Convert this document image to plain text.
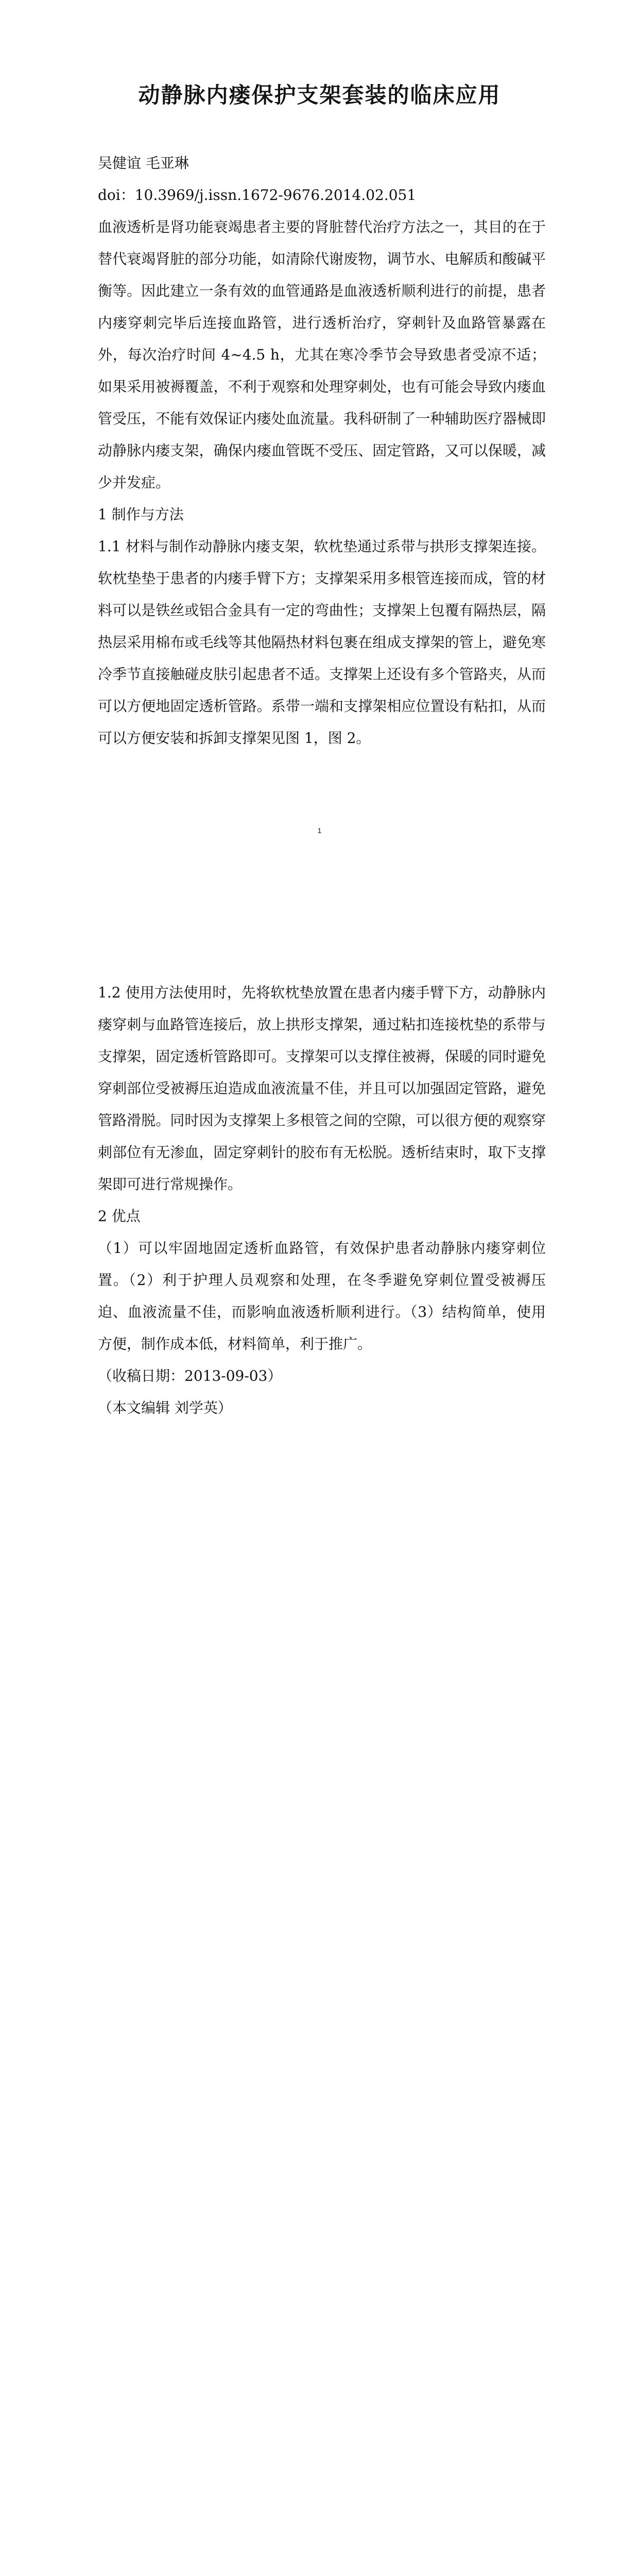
动静脉内瘘保护支架套装的临床应用

吴健谊 毛亚琳

doi：10.3969/j.issn.1672-9676.2014.02.051

血液透析是肾功能衰竭患者主要的肾脏替代治疗方法之一，其目的在于替代衰竭肾脏的部分功能，如清除代谢废物，调节水、电解质和酸碱平衡等。因此建立一条有效的血管通路是血液透析顺利进行的前提，患者内瘘穿刺完毕后连接血路管，进行透析治疗，穿刺针及血路管暴露在外，每次治疗时间 4~4.5 h，尤其在寒冷季节会导致患者受凉不适；如果采用被褥覆盖，不利于观察和处理穿刺处，也有可能会导致内瘘血管受压，不能有效保证内瘘处血流量。我科研制了一种辅助医疗器械即动静脉内瘘支架，确保内瘘血管既不受压、固定管路，又可以保暖，减少并发症。

1 制作与方法

1.1 材料与制作动静脉内瘘支架，软枕垫通过系带与拱形支撑架连接。软枕垫垫于患者的内瘘手臂下方；支撑架采用多根管连接而成，管的材料可以是铁丝或铝合金具有一定的弯曲性；支撑架上包覆有隔热层，隔热层采用棉布或毛线等其他隔热材料包裹在组成支撑架的管上，避免寒冷季节直接触碰皮肤引起患者不适。支撑架上还设有多个管路夹，从而可以方便地固定透析管路。系带一端和支撑架相应位置设有粘扣，从而可以方便安装和拆卸支撑架见图 1，图 2。

1

1.2 使用方法使用时，先将软枕垫放置在患者内瘘手臂下方，动静脉内瘘穿刺与血路管连接后，放上拱形支撑架，通过粘扣连接枕垫的系带与支撑架，固定透析管路即可。支撑架可以支撑住被褥，保暖的同时避免穿刺部位受被褥压迫造成血液流量不佳，并且可以加强固定管路，避免管路滑脱。同时因为支撑架上多根管之间的空隙，可以很方便的观察穿刺部位有无渗血，固定穿刺针的胶布有无松脱。透析结束时，取下支撑架即可进行常规操作。

2 优点

（1）可以牢固地固定透析血路管，有效保护患者动静脉内瘘穿刺位置。（2）利于护理人员观察和处理，在冬季避免穿刺位置受被褥压迫、血液流量不佳，而影响血液透析顺利进行。（3）结构简单，使用方便，制作成本低，材料简单，利于推广。

（收稿日期：2013-09-03）

（本文编辑 刘学英）
